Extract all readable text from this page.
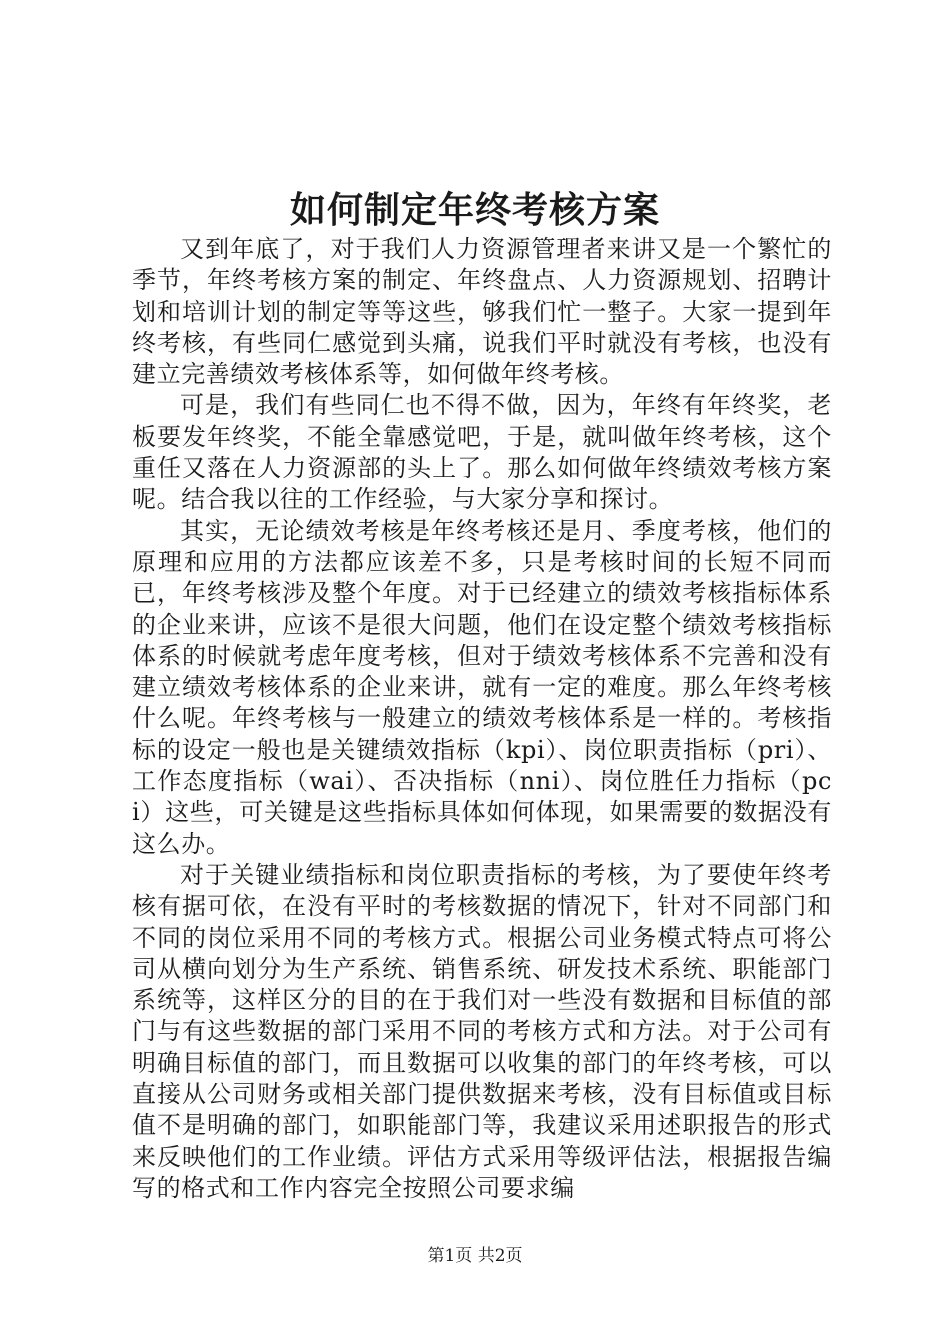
如何制定年终考核方案

又到年底了，对于我们人力资源管理者来讲又是一个繁忙的季节，年终考核方案的制定、年终盘点、人力资源规划、招聘计划和培训计划的制定等等这些，够我们忙一整子。大家一提到年终考核，有些同仁感觉到头痛，说我们平时就没有考核，也没有建立完善绩效考核体系等，如何做年终考核。

可是，我们有些同仁也不得不做，因为，年终有年终奖，老板要发年终奖，不能全靠感觉吧，于是，就叫做年终考核，这个重任又落在人力资源部的头上了。那么如何做年终绩效考核方案呢。结合我以往的工作经验，与大家分享和探讨。

其实，无论绩效考核是年终考核还是月、季度考核，他们的原理和应用的方法都应该差不多，只是考核时间的长短不同而已，年终考核涉及整个年度。对于已经建立的绩效考核指标体系的企业来讲，应该不是很大问题，他们在设定整个绩效考核指标体系的时候就考虑年度考核，但对于绩效考核体系不完善和没有建立绩效考核体系的企业来讲，就有一定的难度。那么年终考核什么呢。年终考核与一般建立的绩效考核体系是一样的。考核指标的设定一般也是关键绩效指标（kpi）、岗位职责指标（pri）、工作态度指标（wai）、否决指标（nni）、岗位胜任力指标（pci）这些，可关键是这些指标具体如何体现，如果需要的数据没有这么办。

对于关键业绩指标和岗位职责指标的考核，为了要使年终考核有据可依，在没有平时的考核数据的情况下，针对不同部门和不同的岗位采用不同的考核方式。根据公司业务模式特点可将公司从横向划分为生产系统、销售系统、研发技术系统、职能部门系统等，这样区分的目的在于我们对一些没有数据和目标值的部门与有这些数据的部门采用不同的考核方式和方法。对于公司有明确目标值的部门，而且数据可以收集的部门的年终考核，可以直接从公司财务或相关部门提供数据来考核，没有目标值或目标值不是明确的部门，如职能部门等，我建议采用述职报告的形式来反映他们的工作业绩。评估方式采用等级评估法，根据报告编写的格式和工作内容完全按照公司要求编

第1页 共2页
